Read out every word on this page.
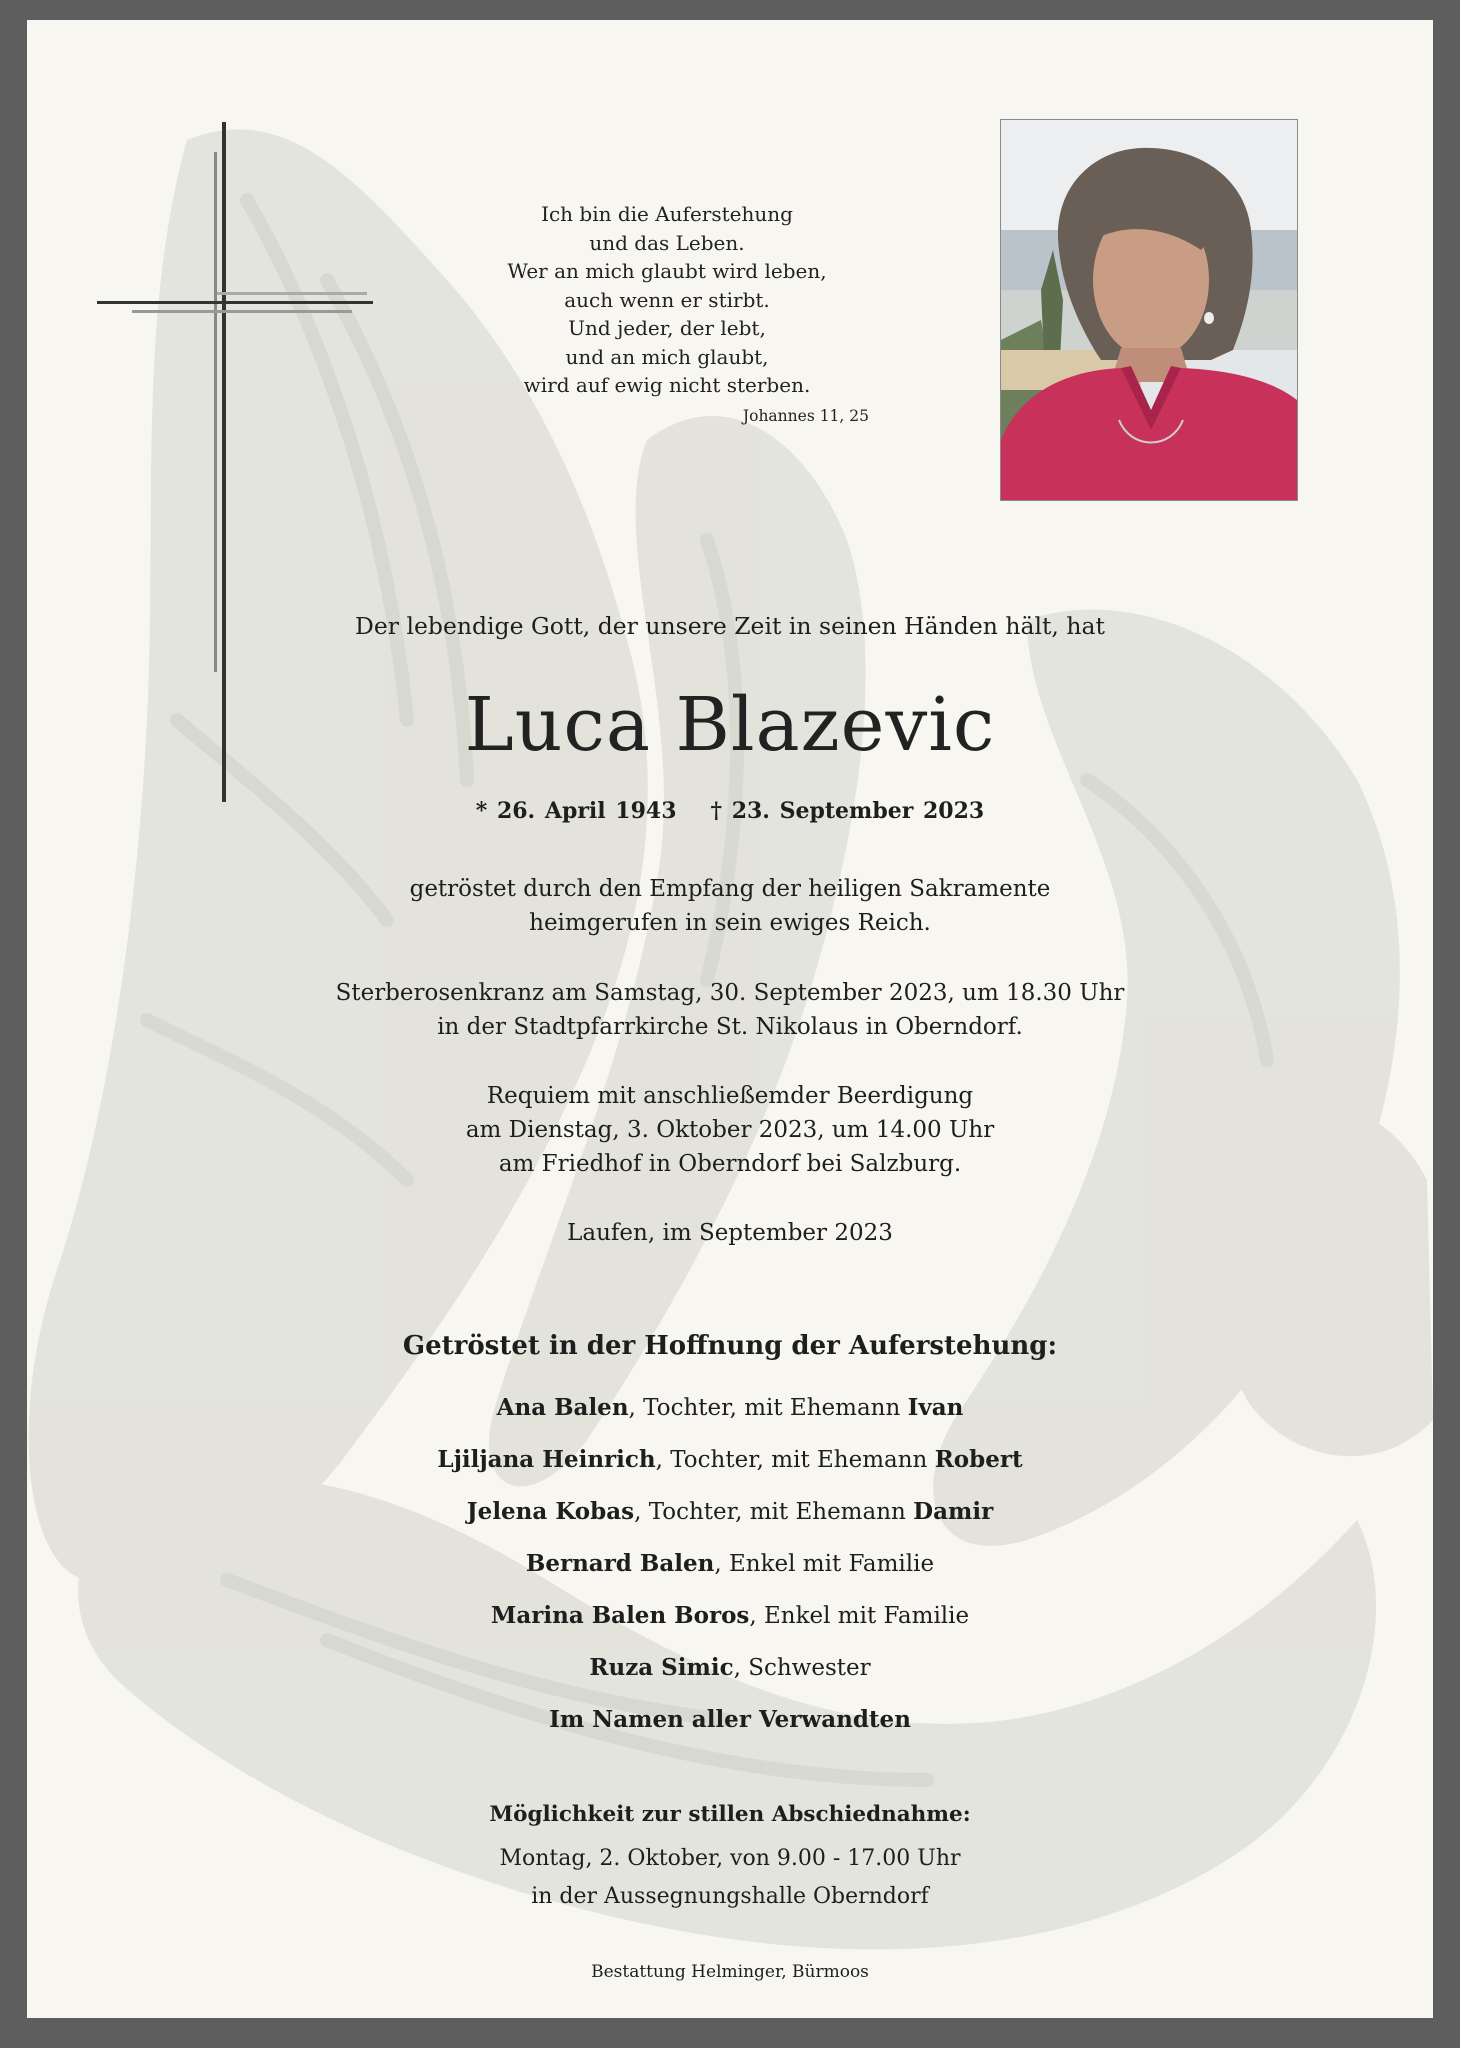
Ich bin die Auferstehung
und das Leben.
Wer an mich glaubt wird leben,
auch wenn er stirbt.
Und jeder, der lebt,
und an mich glaubt,
wird auf ewig nicht sterben.
Johannes 11, 25
Der lebendige Gott, der unsere Zeit in seinen Händen hält, hat
Luca Blazevic
* 26. April 1943 † 23. September 2023
getröstet durch den Empfang der heiligen Sakramente
heimgerufen in sein ewiges Reich.
Sterberosenkranz am Samstag, 30. September 2023, um 18.30 Uhr
in der Stadtpfarrkirche St. Nikolaus in Oberndorf.
Requiem mit anschließemder Beerdigung
am Dienstag, 3. Oktober 2023, um 14.00 Uhr
am Friedhof in Oberndorf bei Salzburg.
Laufen, im September 2023
Getröstet in der Hoffnung der Auferstehung:
Ana Balen, Tochter, mit Ehemann Ivan
Ljiljana Heinrich, Tochter, mit Ehemann Robert
Jelena Kobas, Tochter, mit Ehemann Damir
Bernard Balen, Enkel mit Familie
Marina Balen Boros, Enkel mit Familie
Ruza Simic, Schwester
Im Namen aller Verwandten
Möglichkeit zur stillen Abschiednahme:
Montag, 2. Oktober, von 9.00 - 17.00 Uhr
in der Aussegnungshalle Oberndorf
Bestattung Helminger, Bürmoos
